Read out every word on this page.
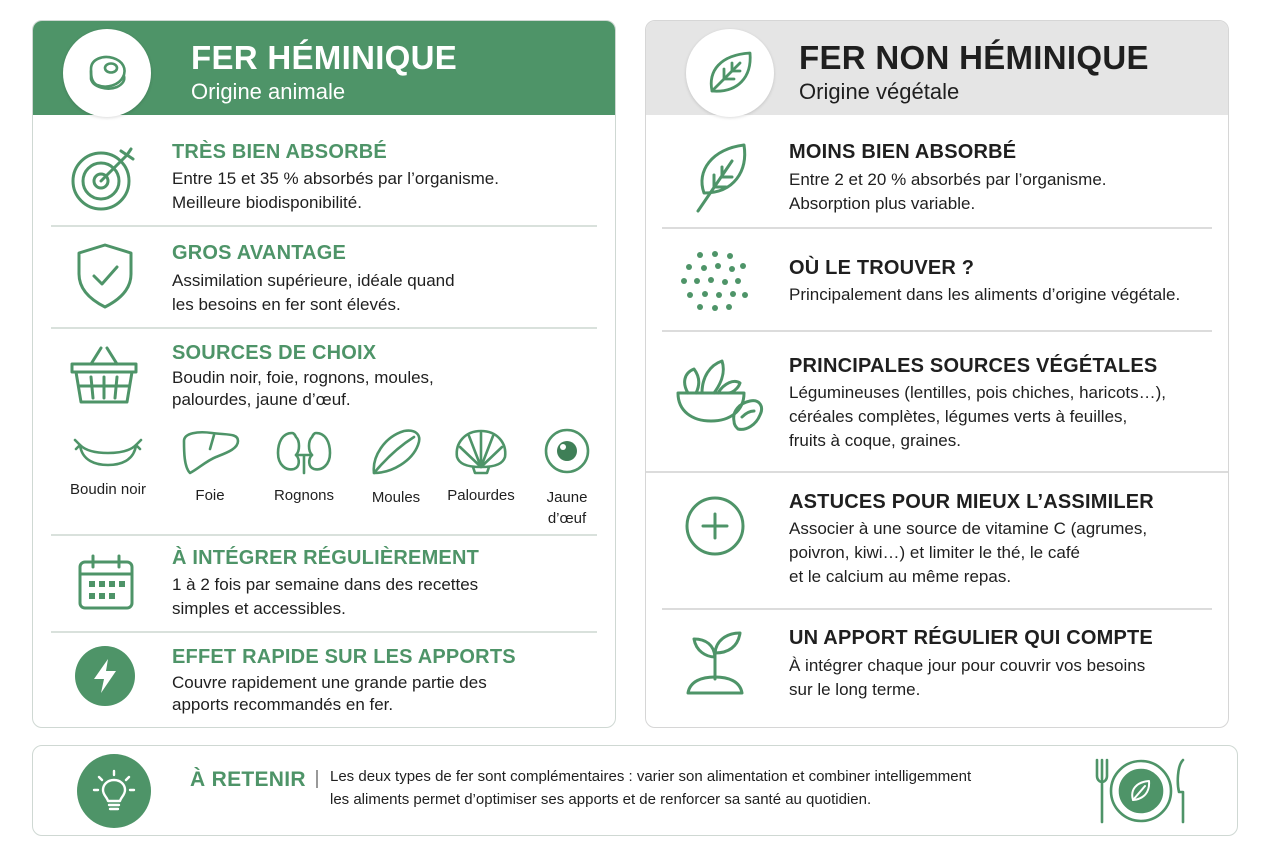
FER HÉMINIQUE
Origine animale
TRÈS BIEN ABSORBÉ
Entre 15 et 35 % absorbés par l’organisme.
Meilleure biodisponibilité.
GROS AVANTAGE
Assimilation supérieure, idéale quand
les besoins en fer sont élevés.
SOURCES DE CHOIX
Boudin noir, foie, rognons, moules,
palourdes, jaune d’œuf.
Boudin noir	Foie	Rognons	Moules	Palourdes	Jaune
d’œuf
À INTÉGRER RÉGULIÈREMENT
1 à 2 fois par semaine dans des recettes
simples et accessibles.
EFFET RAPIDE SUR LES APPORTS
Couvre rapidement une grande partie des
apports recommandés en fer.
FER NON HÉMINIQUE
Origine végétale
MOINS BIEN ABSORBÉ
Entre 2 et 20 % absorbés par l’organisme.
Absorption plus variable.
OÙ LE TROUVER ?
Principalement dans les aliments d’origine végétale.
PRINCIPALES SOURCES VÉGÉTALES
Légumineuses (lentilles, pois chiches, haricots…),
céréales complètes, légumes verts à feuilles,
fruits à coque, graines.
ASTUCES POUR MIEUX L’ASSIMILER
Associer à une source de vitamine C (agrumes,
poivron, kiwi…) et limiter le thé, le café
et le calcium au même repas.
UN APPORT RÉGULIER QUI COMPTE
À intégrer chaque jour pour couvrir vos besoins
sur le long terme.
À RETENIR Les deux types de fer sont complémentaires : varier son alimentation et combiner intelligemment
les aliments permet d’optimiser ses apports et de renforcer sa santé au quotidien.
